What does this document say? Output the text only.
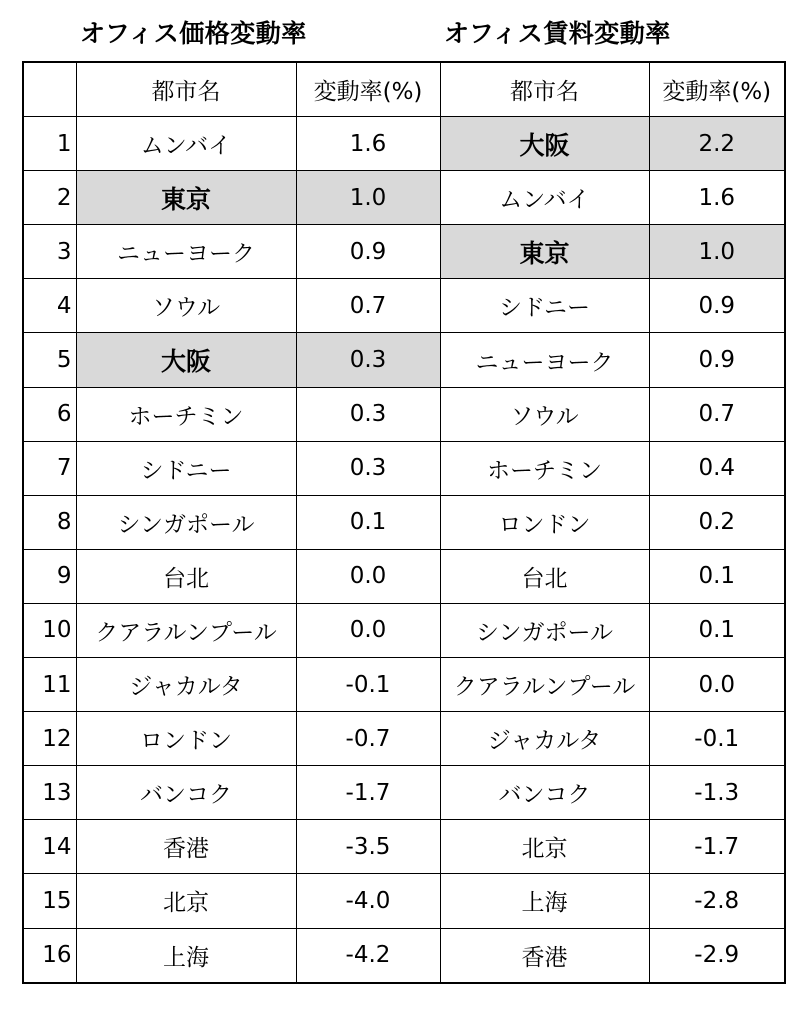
オフィス価格変動率	オフィス賃料変動率
	都市名	変動率(%)	都市名	変動率(%)
1	ムンバイ	1.6	大阪	2.2
2	東京	1.0	ムンバイ	1.6
3	ニューヨーク	0.9	東京	1.0
4	ソウル	0.7	シドニー	0.9
5	大阪	0.3	ニューヨーク	0.9
6	ホーチミン	0.3	ソウル	0.7
7	シドニー	0.3	ホーチミン	0.4
8	シンガポール	0.1	ロンドン	0.2
9	台北	0.0	台北	0.1
10	クアラルンプール	0.0	シンガポール	0.1
11	ジャカルタ	-0.1	クアラルンプール	0.0
12	ロンドン	-0.7	ジャカルタ	-0.1
13	バンコク	-1.7	バンコク	-1.3
14	香港	-3.5	北京	-1.7
15	北京	-4.0	上海	-2.8
16	上海	-4.2	香港	-2.9
